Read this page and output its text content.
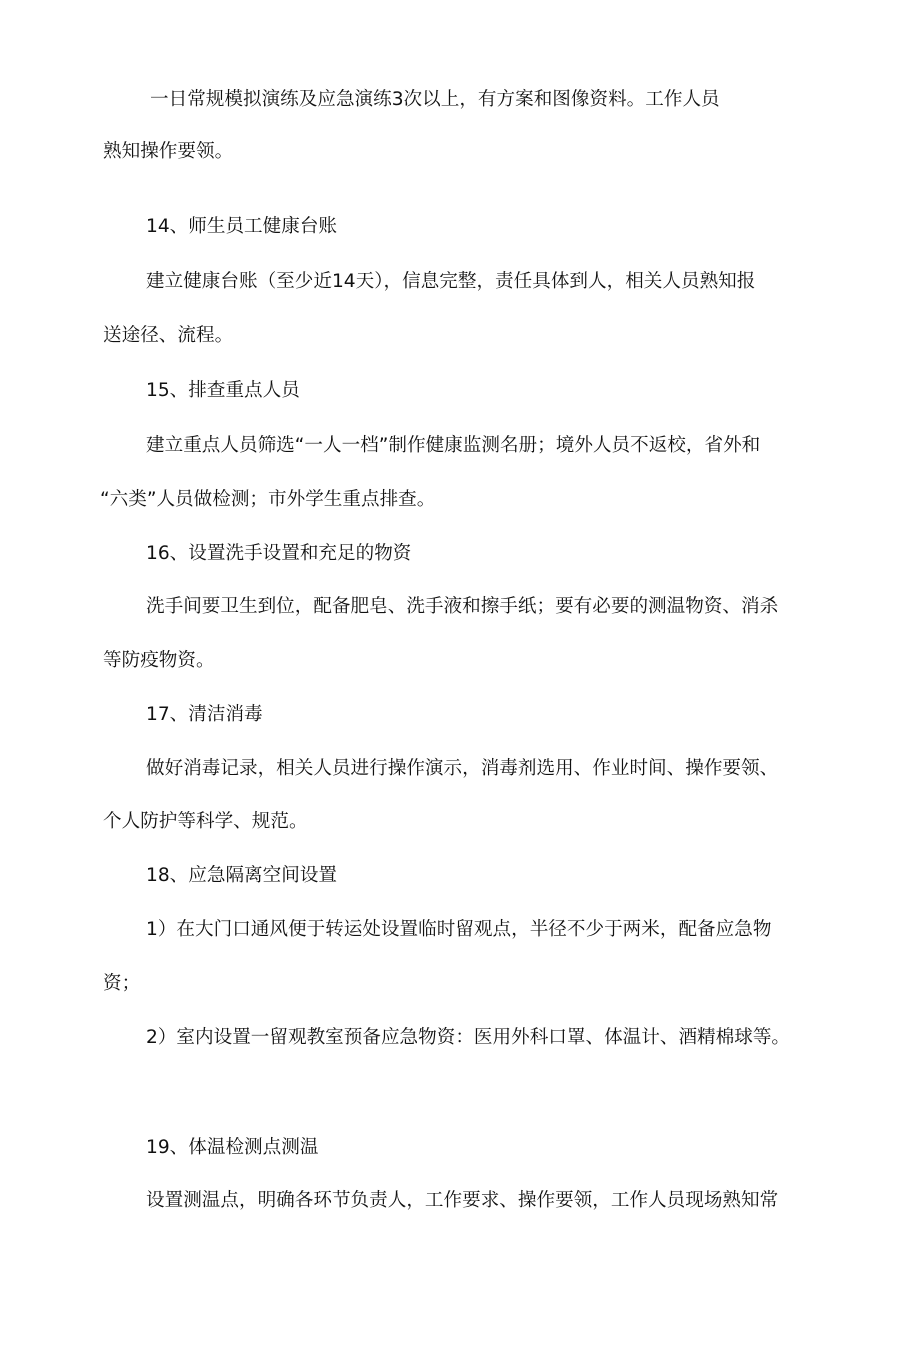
一日常规模拟演练及应急演练3次以上，有方案和图像资料。工作人员
熟知操作要领。
14、师生员工健康台账
建立健康台账（至少近14天），信息完整，责任具体到人，相关人员熟知报
送途径、流程。
15、排查重点人员
建立重点人员筛选“一人一档”制作健康监测名册；境外人员不返校，省外和
“六类”人员做检测；市外学生重点排查。
16、设置洗手设置和充足的物资
洗手间要卫生到位，配备肥皂、洗手液和擦手纸；要有必要的测温物资、消杀
等防疫物资。
17、清洁消毒
做好消毒记录，相关人员进行操作演示，消毒剂选用、作业时间、操作要领、
个人防护等科学、规范。
18、应急隔离空间设置
1）在大门口通风便于转运处设置临时留观点，半径不少于两米，配备应急物
资；
2）室内设置一留观教室预备应急物资：医用外科口罩、体温计、酒精棉球等。
19、体温检测点测温
设置测温点，明确各环节负责人，工作要求、操作要领，工作人员现场熟知常
